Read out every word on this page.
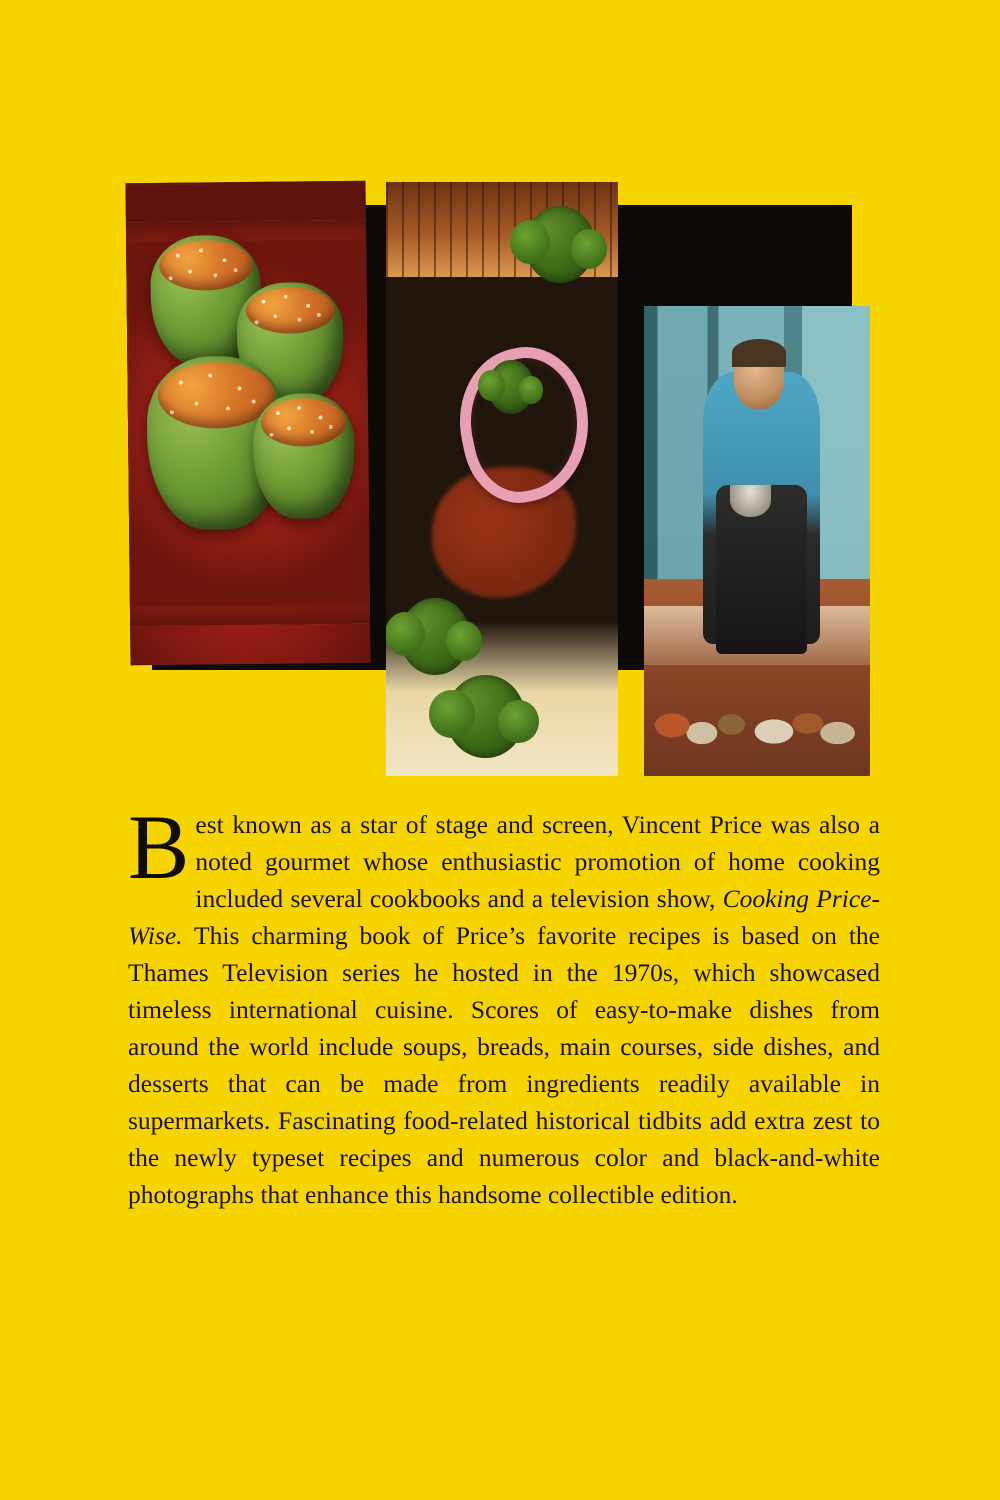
Best known as a star of stage and screen, Vincent Price was also a noted gourmet whose enthusiastic promotion of home cooking included several cookbooks and a television show, Cooking Price-Wise. This charming book of Price’s favorite recipes is based on the Thames Television series he hosted in the 1970s, which showcased timeless international cuisine. Scores of easy-to-make dishes from around the world include soups, breads, main courses, side dishes, and desserts that can be made from ingredients readily available in supermarkets. Fascinating food-related historical tidbits add extra zest to the newly typeset recipes and numerous color and black-and-white photographs that enhance this handsome collectible edition.
